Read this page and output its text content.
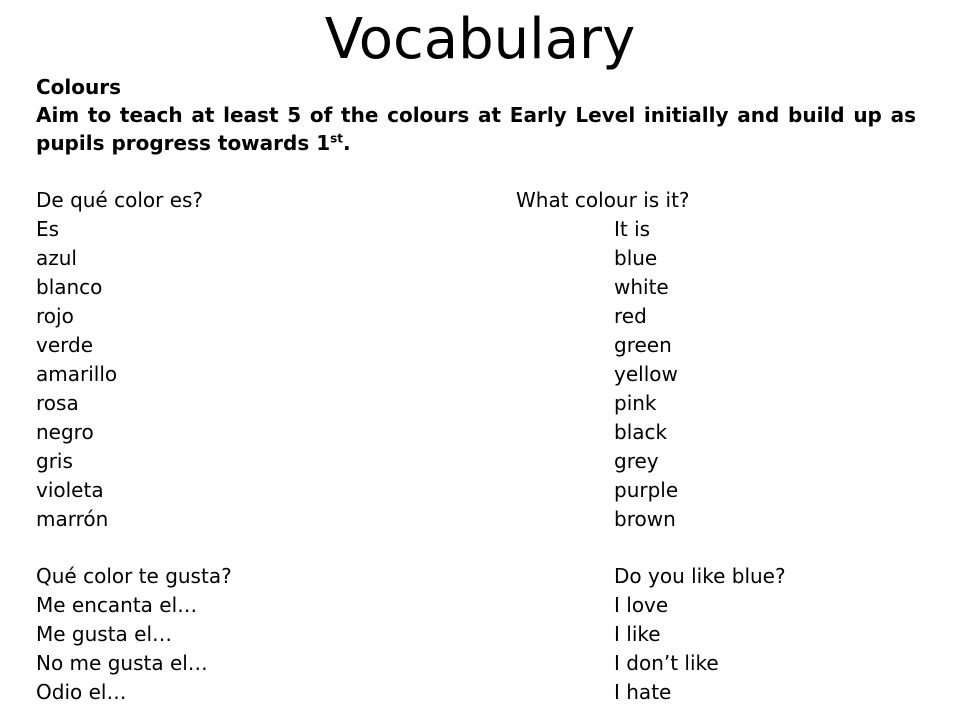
Vocabulary

Colours

Aim to teach at least 5 of the colours at Early Level initially and build up as pupils progress towards 1st.

De qué color es?	What colour is it?
Es	It is
azul	blue
blanco	white
rojo	red
verde	green
amarillo	yellow
rosa	pink
negro	black
gris	grey
violeta	purple
marrón	brown
Qué color te gusta?	Do you like blue?
Me encanta el…	I love
Me gusta el…	I like
No me gusta el…	I don’t like
Odio el…	I hate
